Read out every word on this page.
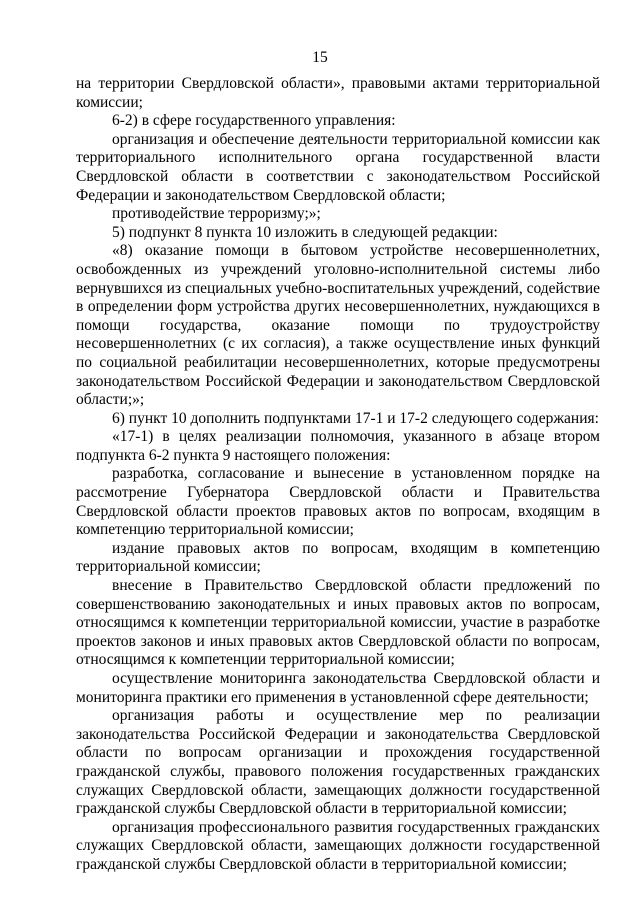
15

на территории Свердловской области», правовыми актами территориальной комиссии;

6-2) в сфере государственного управления:

организация и обеспечение деятельности территориальной комиссии как территориального исполнительного органа государственной власти Свердловской области в соответствии с законодательством Российской Федерации и законодательством Свердловской области;

противодействие терроризму;»;

5) подпункт 8 пункта 10 изложить в следующей редакции:

«8) оказание помощи в бытовом устройстве несовершеннолетних, освобожденных из учреждений уголовно-исполнительной системы либо вернувшихся из специальных учебно-воспитательных учреждений, содействие в определении форм устройства других несовершеннолетних, нуждающихся в помощи государства, оказание помощи по трудоустройству несовершеннолетних (с их согласия), а также осуществление иных функций по социальной реабилитации несовершеннолетних, которые предусмотрены законодательством Российской Федерации и законодательством Свердловской области;»;

6) пункт 10 дополнить подпунктами 17-1 и 17-2 следующего содержания:

«17-1) в целях реализации полномочия, указанного в абзаце втором подпункта 6-2 пункта 9 настоящего положения:

разработка, согласование и вынесение в установленном порядке на рассмотрение Губернатора Свердловской области и Правительства Свердловской области проектов правовых актов по вопросам, входящим в компетенцию территориальной комиссии;

издание правовых актов по вопросам, входящим в компетенцию территориальной комиссии;

внесение в Правительство Свердловской области предложений по совершенствованию законодательных и иных правовых актов по вопросам, относящимся к компетенции территориальной комиссии, участие в разработке проектов законов и иных правовых актов Свердловской области по вопросам, относящимся к компетенции территориальной комиссии;

осуществление мониторинга законодательства Свердловской области и мониторинга практики его применения в установленной сфере деятельности;

организация работы и осуществление мер по реализации законодательства Российской Федерации и законодательства Свердловской области по вопросам организации и прохождения государственной гражданской службы, правового положения государственных гражданских служащих Свердловской области, замещающих должности государственной гражданской службы Свердловской области в территориальной комиссии;

организация профессионального развития государственных гражданских служащих Свердловской области, замещающих должности государственной гражданской службы Свердловской области в территориальной комиссии;
